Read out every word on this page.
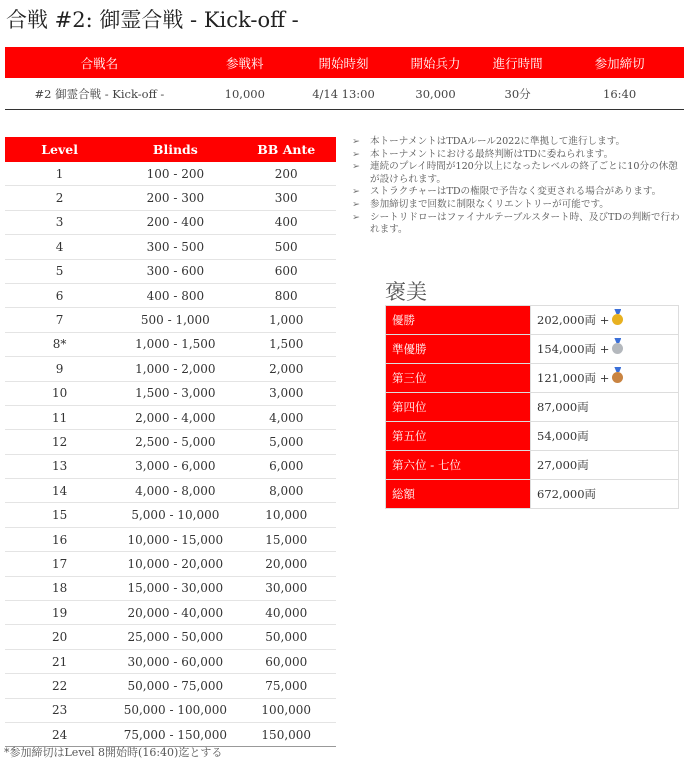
合戦 #2: 御霊合戦 - Kick-off -
合戦名	参戦料	開始時刻	開始兵力	進行時間	参加締切
#2 御霊合戦 - Kick-off -	10,000	4/14 13:00	30,000	30分	16:40
Level	Blinds	BB Ante
1	100 - 200	200
2	200 - 300	300
3	200 - 400	400
4	300 - 500	500
5	300 - 600	600
6	400 - 800	800
7	500 - 1,000	1,000
8*	1,000 - 1,500	1,500
9	1,000 - 2,000	2,000
10	1,500 - 3,000	3,000
11	2,000 - 4,000	4,000
12	2,500 - 5,000	5,000
13	3,000 - 6,000	6,000
14	4,000 - 8,000	8,000
15	5,000 - 10,000	10,000
16	10,000 - 15,000	15,000
17	10,000 - 20,000	20,000
18	15,000 - 30,000	30,000
19	20,000 - 40,000	40,000
20	25,000 - 50,000	50,000
21	30,000 - 60,000	60,000
22	50,000 - 75,000	75,000
23	50,000 - 100,000	100,000
24	75,000 - 150,000	150,000
*参加締切はLevel 8開始時(16:40)迄とする
➢ 本トーナメントはTDAルール2022に準拠して進行します。
➢ 本トーナメントにおける最終判断はTDに委ねられます。
➢ 連続のプレイ時間が120分以上になったレベルの終了ごとに10分の休憩が設けられます。
➢ ストラクチャーはTDの権限で予告なく変更される場合があります。
➢ 参加締切まで回数に制限なくリエントリーが可能です。
➢ シートリドローはファイナルテーブルスタート時、及びTDの判断で行われます。
褒美
優勝	202,000両 +
準優勝	154,000両 +
第三位	121,000両 +
第四位	87,000両
第五位	54,000両
第六位 - 七位	27,000両
総額	672,000両
